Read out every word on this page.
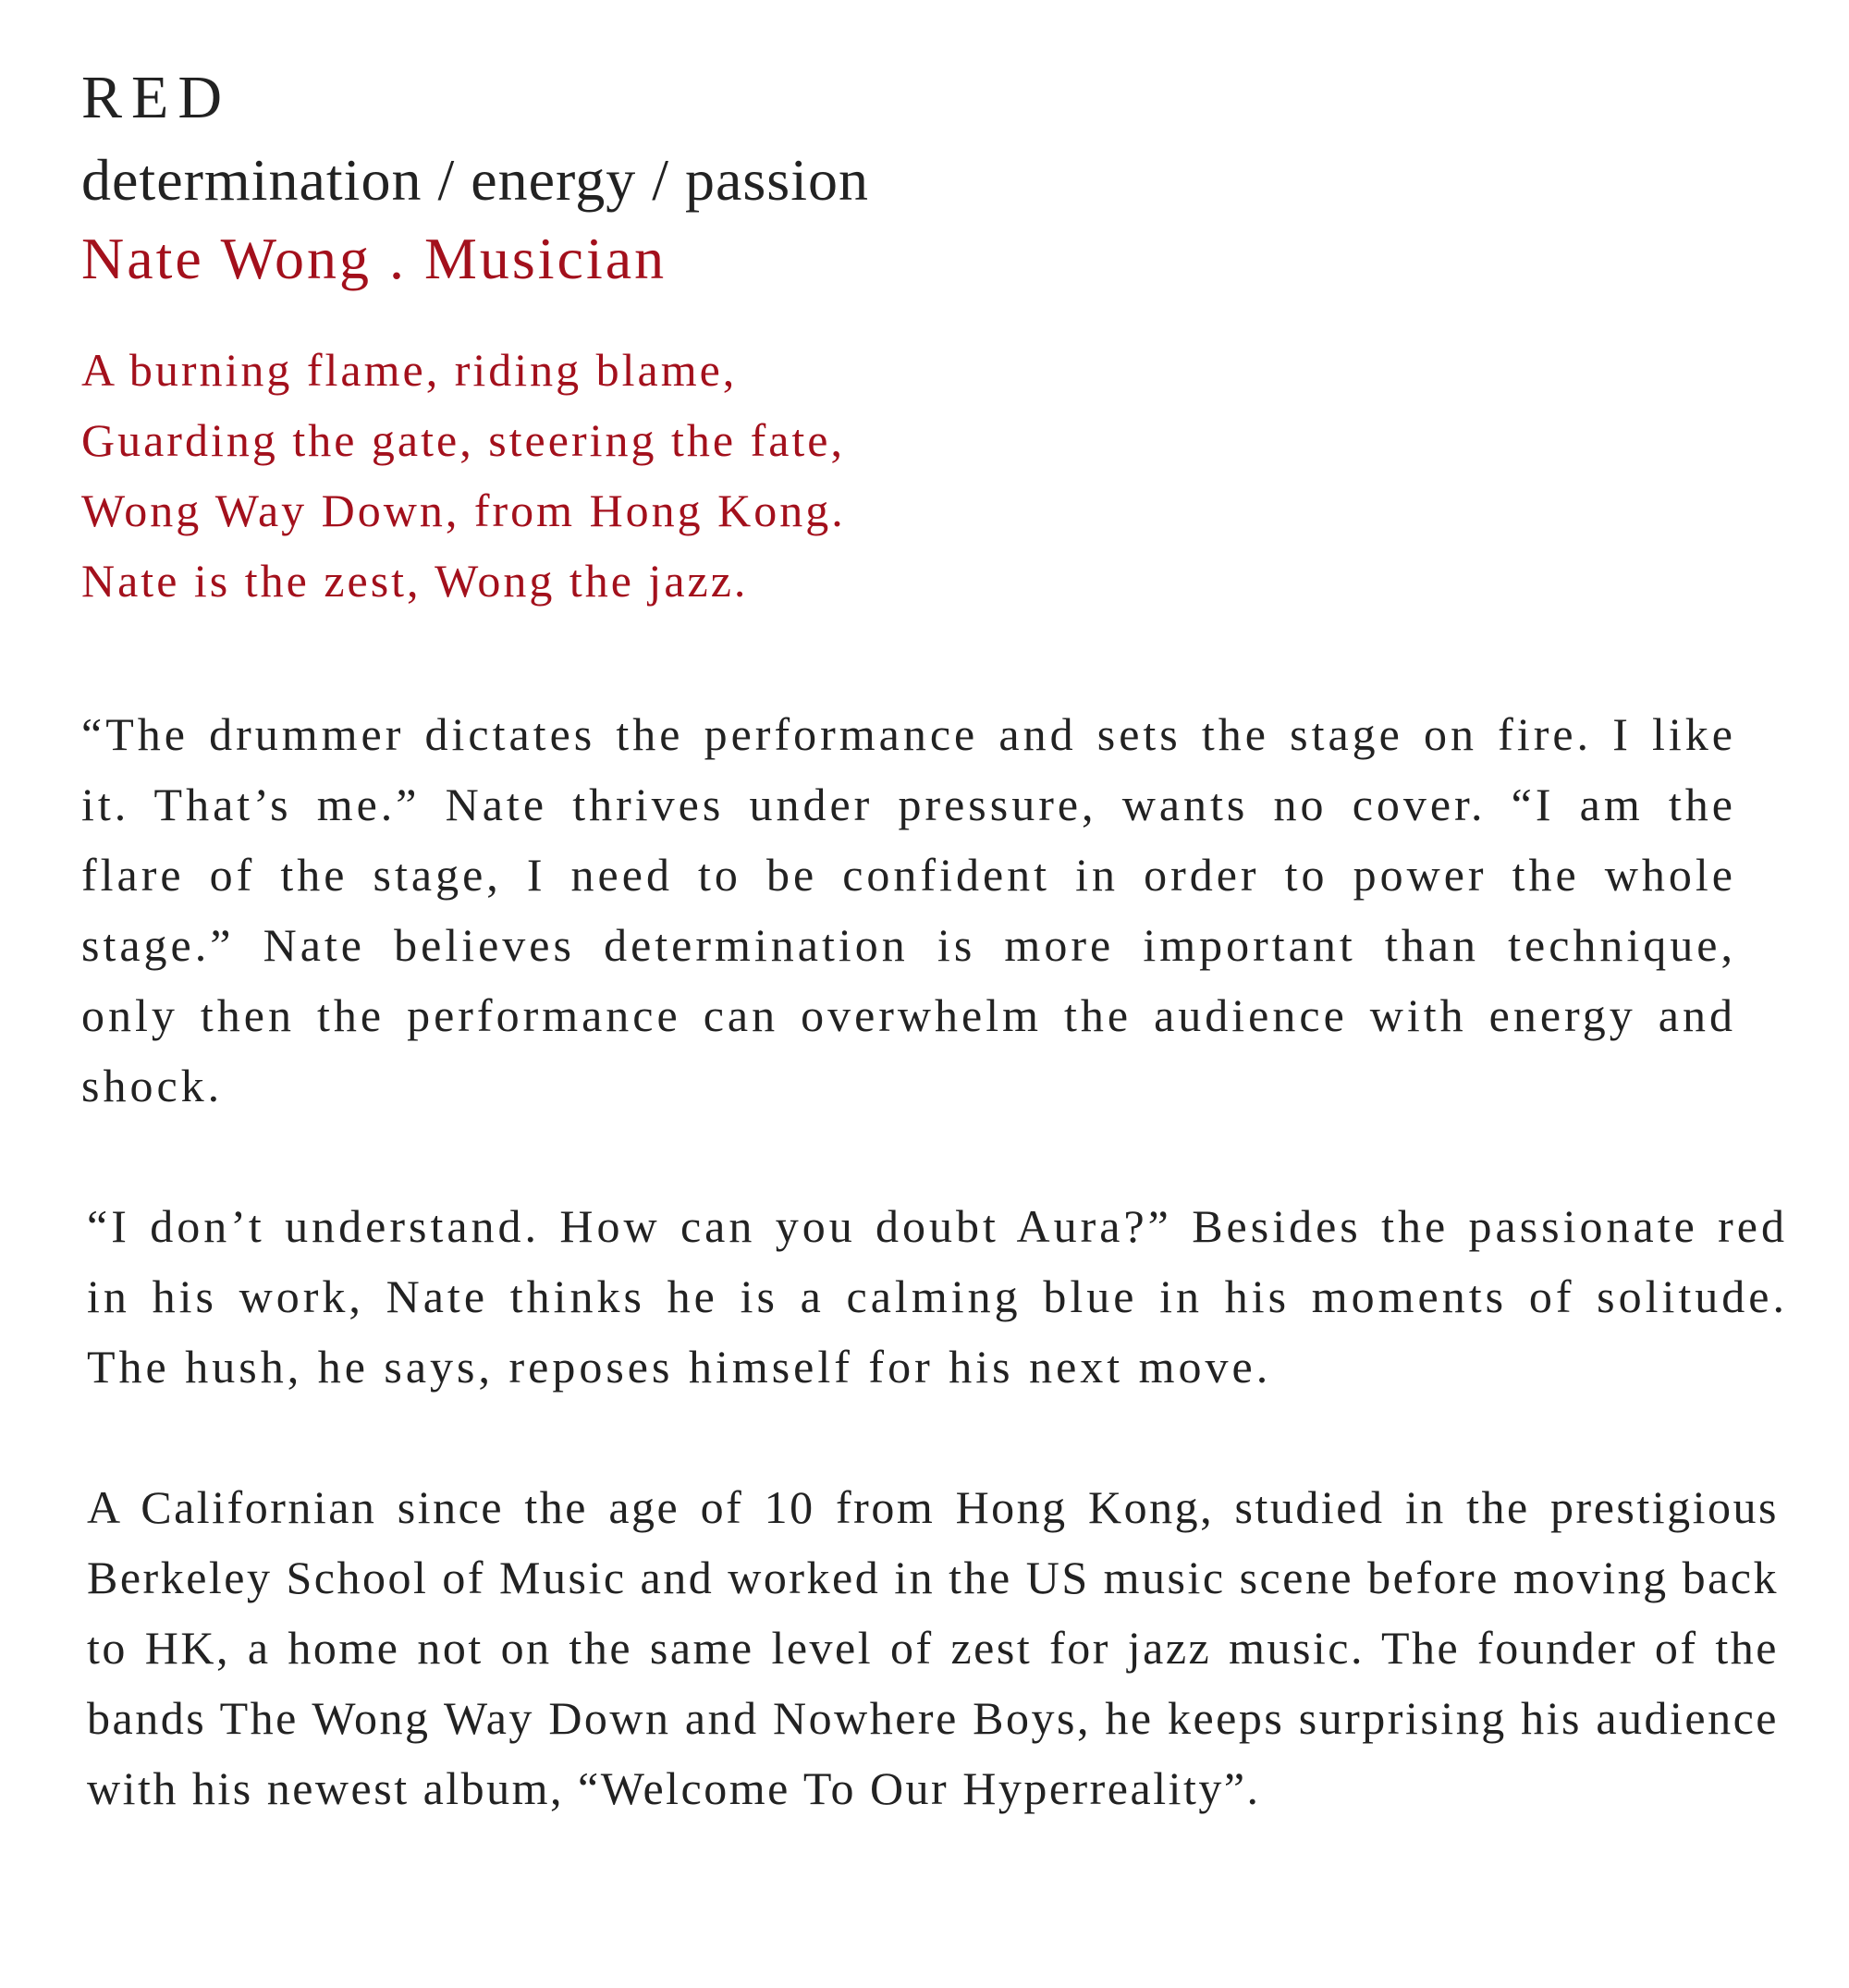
RED

determination / energy / passion

Nate Wong . Musician

A burning flame, riding blame,
Guarding the gate, steering the fate,
Wong Way Down, from Hong Kong.
Nate is the zest, Wong the jazz.

“The drummer dictates the performance and sets the stage on fire. I like it. That’s me.” Nate thrives under pressure, wants no cover. “I am the flare of the stage, I need to be confident in order to power the whole stage.” Nate believes determination is more important than technique, only then the performance can overwhelm the audience with energy and shock.

“I don’t understand. How can you doubt Aura?” Besides the passionate red in his work, Nate thinks he is a calming blue in his moments of solitude. The hush, he says, reposes himself for his next move.

A Californian since the age of 10 from Hong Kong, studied in the prestigious Berkeley School of Music and worked in the US music scene before moving back to HK, a home not on the same level of zest for jazz music. The founder of the bands The Wong Way Down and Nowhere Boys, he keeps surprising his audience with his newest album, “Welcome To Our Hyperreality”.
